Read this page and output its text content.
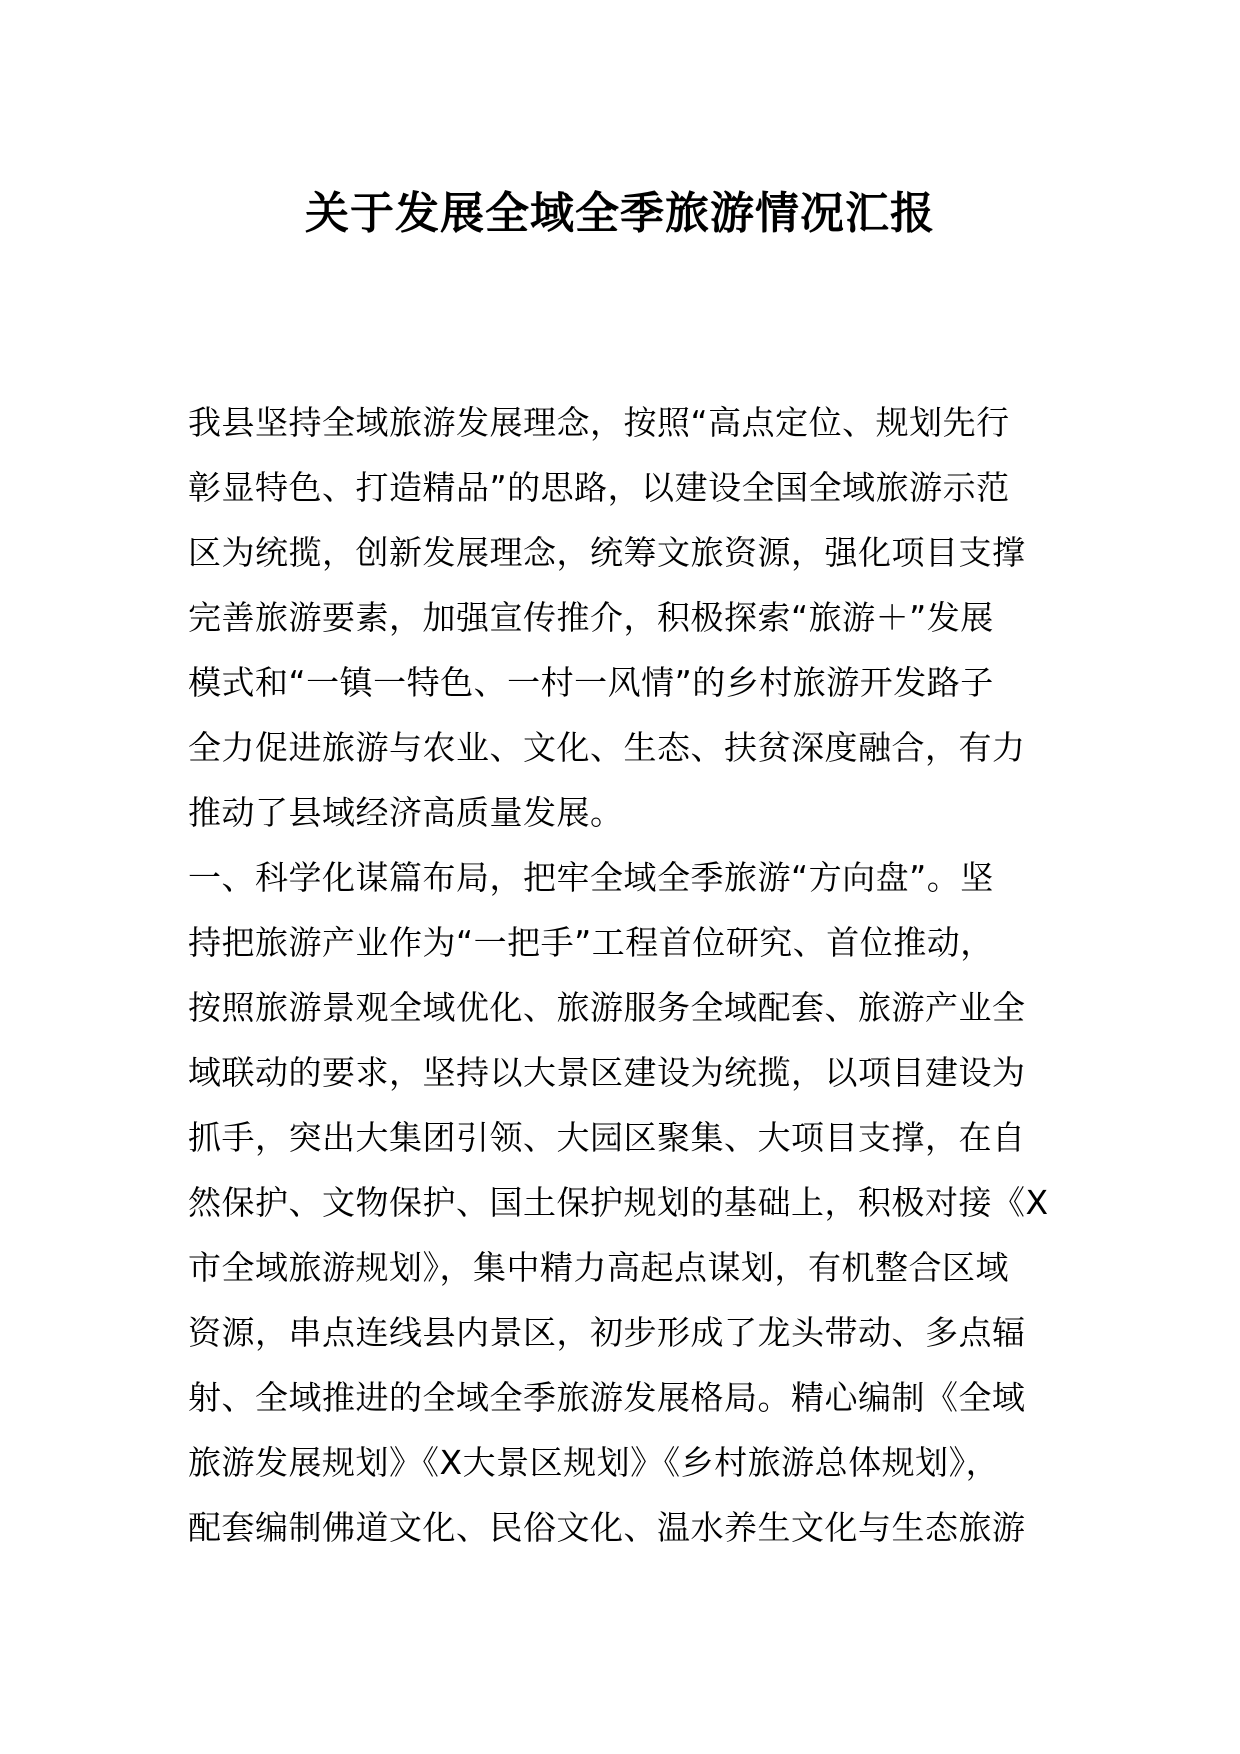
关于发展全域全季旅游情况汇报
我县坚持全域旅游发展理念，按照“高点定位、规划先行
彰显特色、打造精品”的思路，以建设全国全域旅游示范
区为统揽，创新发展理念，统筹文旅资源，强化项目支撑
完善旅游要素，加强宣传推介，积极探索“旅游＋”发展
模式和“一镇一特色、一村一风情”的乡村旅游开发路子
全力促进旅游与农业、文化、生态、扶贫深度融合，有力
推动了县域经济高质量发展。
一、科学化谋篇布局，把牢全域全季旅游“方向盘”。坚
持把旅游产业作为“一把手”工程首位研究、首位推动，
按照旅游景观全域优化、旅游服务全域配套、旅游产业全
域联动的要求，坚持以大景区建设为统揽，以项目建设为
抓手，突出大集团引领、大园区聚集、大项目支撑，在自
然保护、文物保护、国土保护规划的基础上，积极对接《X
市全域旅游规划》，集中精力高起点谋划，有机整合区域
资源，串点连线县内景区，初步形成了龙头带动、多点辐
射、全域推进的全域全季旅游发展格局。精心编制《全域
旅游发展规划》《X大景区规划》《乡村旅游总体规划》，
配套编制佛道文化、民俗文化、温水养生文化与生态旅游
